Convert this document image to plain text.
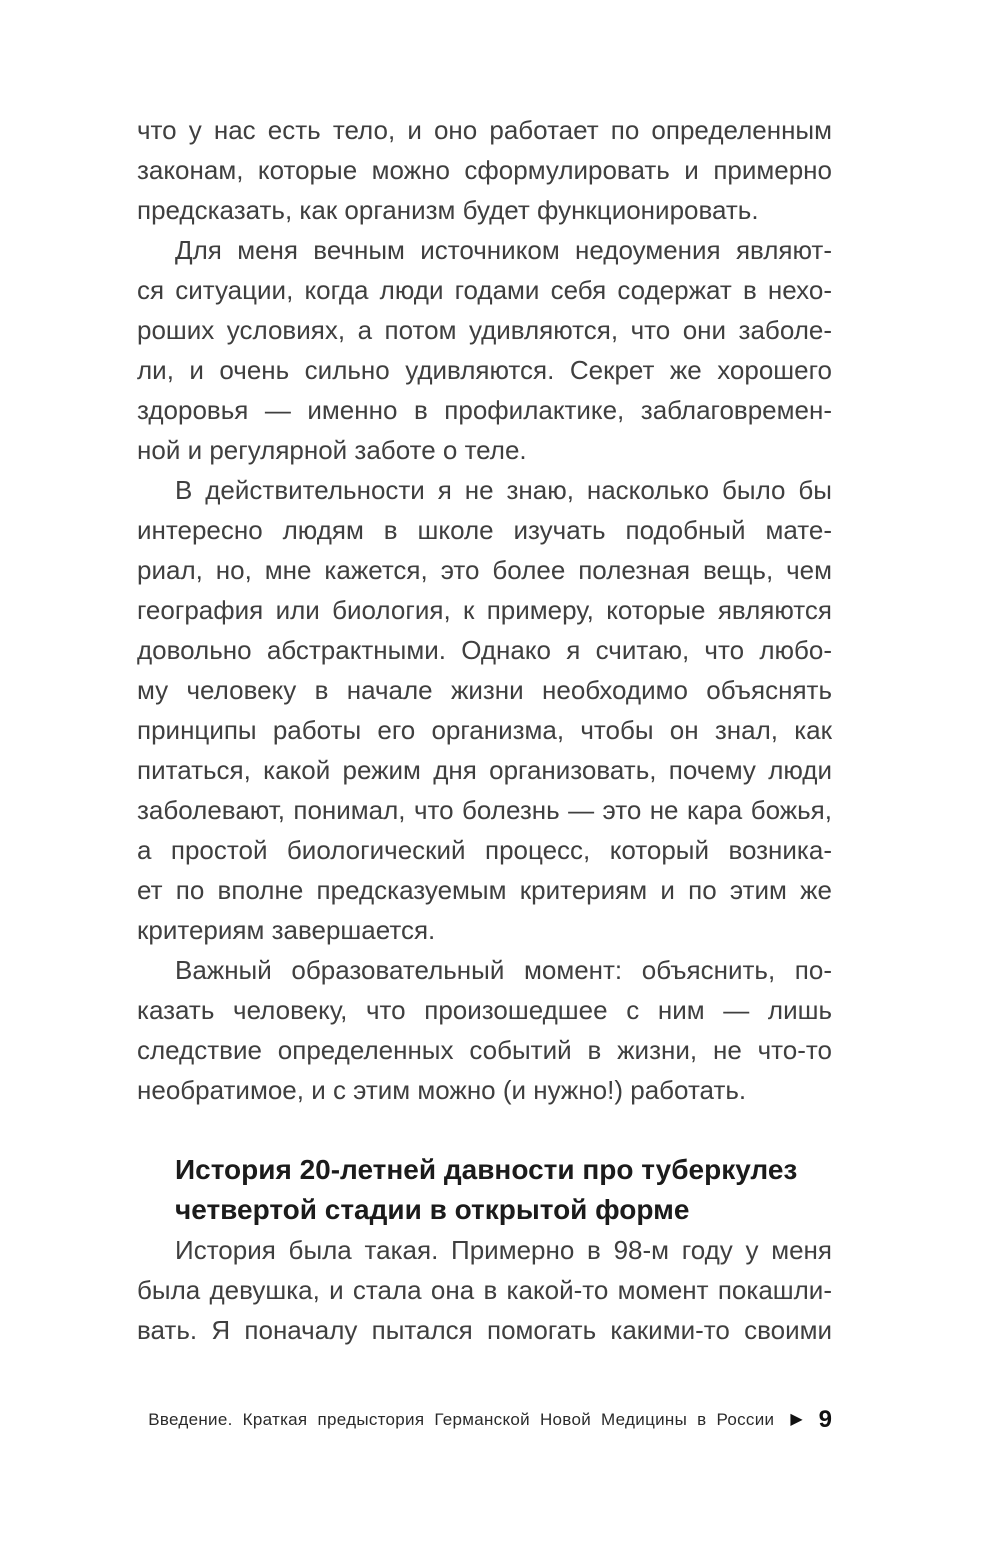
что у нас есть тело, и оно работает по определенным
законам, которые можно сформулировать и примерно
предсказать, как организм будет функционировать.
Для меня вечным источником недоумения являют-
ся ситуации, когда люди годами себя содержат в нехо-
роших условиях, а потом удивляются, что они заболе-
ли, и очень сильно удивляются. Секрет же хорошего
здоровья — именно в профилактике, заблаговремен-
ной и регулярной заботе о теле.
В действительности я не знаю, насколько было бы
интересно людям в школе изучать подобный мате-
риал, но, мне кажется, это более полезная вещь, чем
география или биология, к примеру, которые являются
довольно абстрактными. Однако я считаю, что любо-
му человеку в начале жизни необходимо объяснять
принципы работы его организма, чтобы он знал, как
питаться, какой режим дня организовать, почему люди
заболевают, понимал, что болезнь — это не кара божья,
а простой биологический процесс, который возника-
ет по вполне предсказуемым критериям и по этим же
критериям завершается.
Важный образовательный момент: объяснить, по-
казать человеку, что произошедшее с ним — лишь
следствие определенных событий в жизни, не что-то
необратимое, и с этим можно (и нужно!) работать.
История 20-летней давности про туберкулез
четвертой стадии в открытой форме
История была такая. Примерно в 98-м году у меня
была девушка, и стала она в какой-то момент покашли-
вать. Я поначалу пытался помогать какими-то своими
Введение. Краткая предыстория Германской Новой Медицины в России ▶ 9
